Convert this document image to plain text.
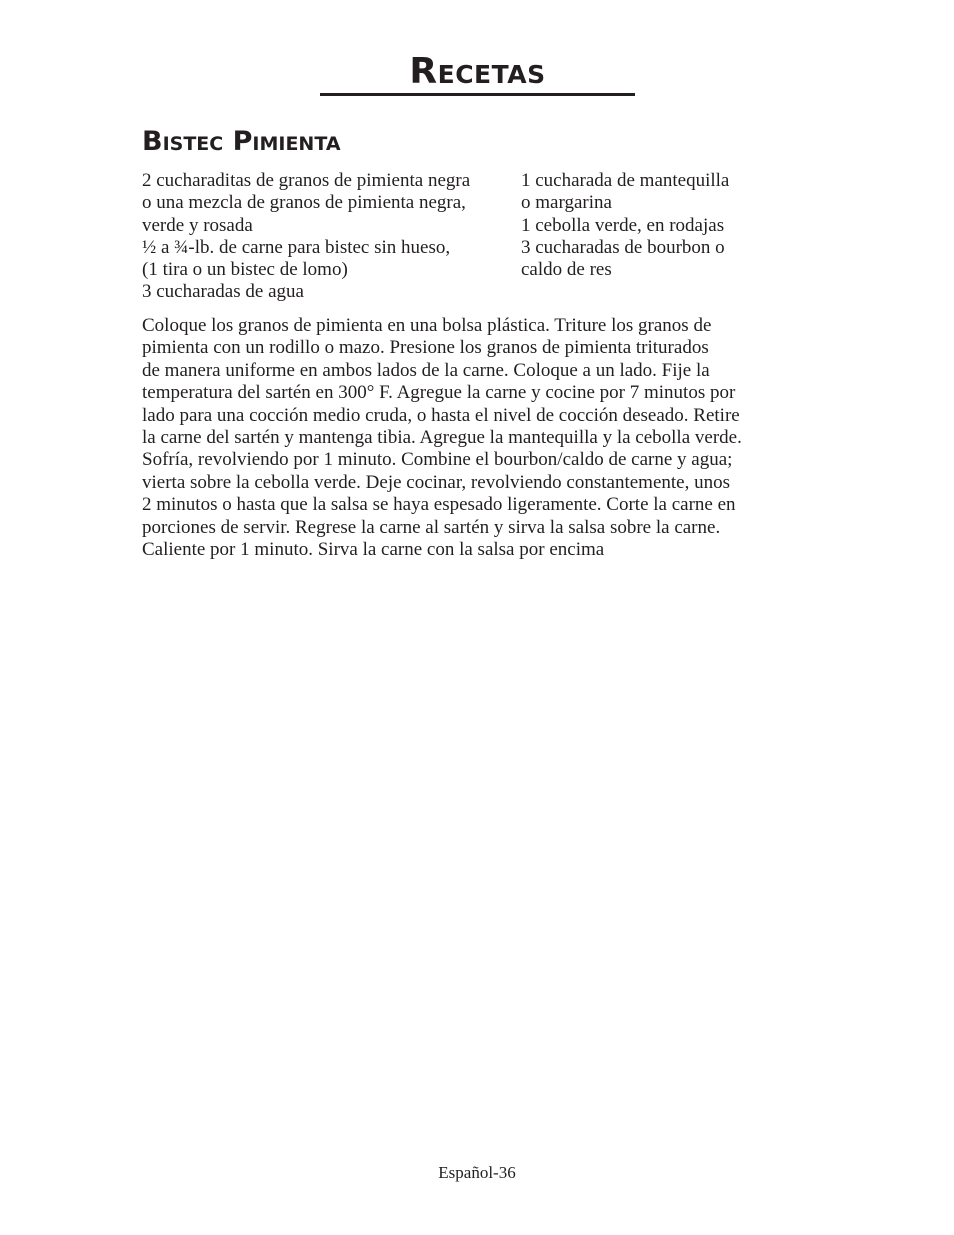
Recetas
Bistec Pimienta
2 cucharaditas de granos de pimienta negra
o una mezcla de granos de pimienta negra,
verde y rosada
½ a ¾-lb. de carne para bistec sin hueso,
(1 tira o un bistec de lomo)
3 cucharadas de agua
1 cucharada de mantequilla
o margarina
1 cebolla verde, en rodajas
3 cucharadas de bourbon o
caldo de res

Coloque los granos de pimienta en una bolsa plástica. Triture los granos de
pimienta con un rodillo o mazo. Presione los granos de pimienta triturados
de manera uniforme en ambos lados de la carne. Coloque a un lado. Fije la
temperatura del sartén en 300° F. Agregue la carne y cocine por 7 minutos por
lado para una cocción medio cruda, o hasta el nivel de cocción deseado. Retire
la carne del sartén y mantenga tibia. Agregue la mantequilla y la cebolla verde.
Sofría, revolviendo por 1 minuto. Combine el bourbon/caldo de carne y agua;
vierta sobre la cebolla verde. Deje cocinar, revolviendo constantemente, unos
2 minutos o hasta que la salsa se haya espesado ligeramente. Corte la carne en
porciones de servir. Regrese la carne al sartén y sirva la salsa sobre la carne.
Caliente por 1 minuto. Sirva la carne con la salsa por encima

Español-36
